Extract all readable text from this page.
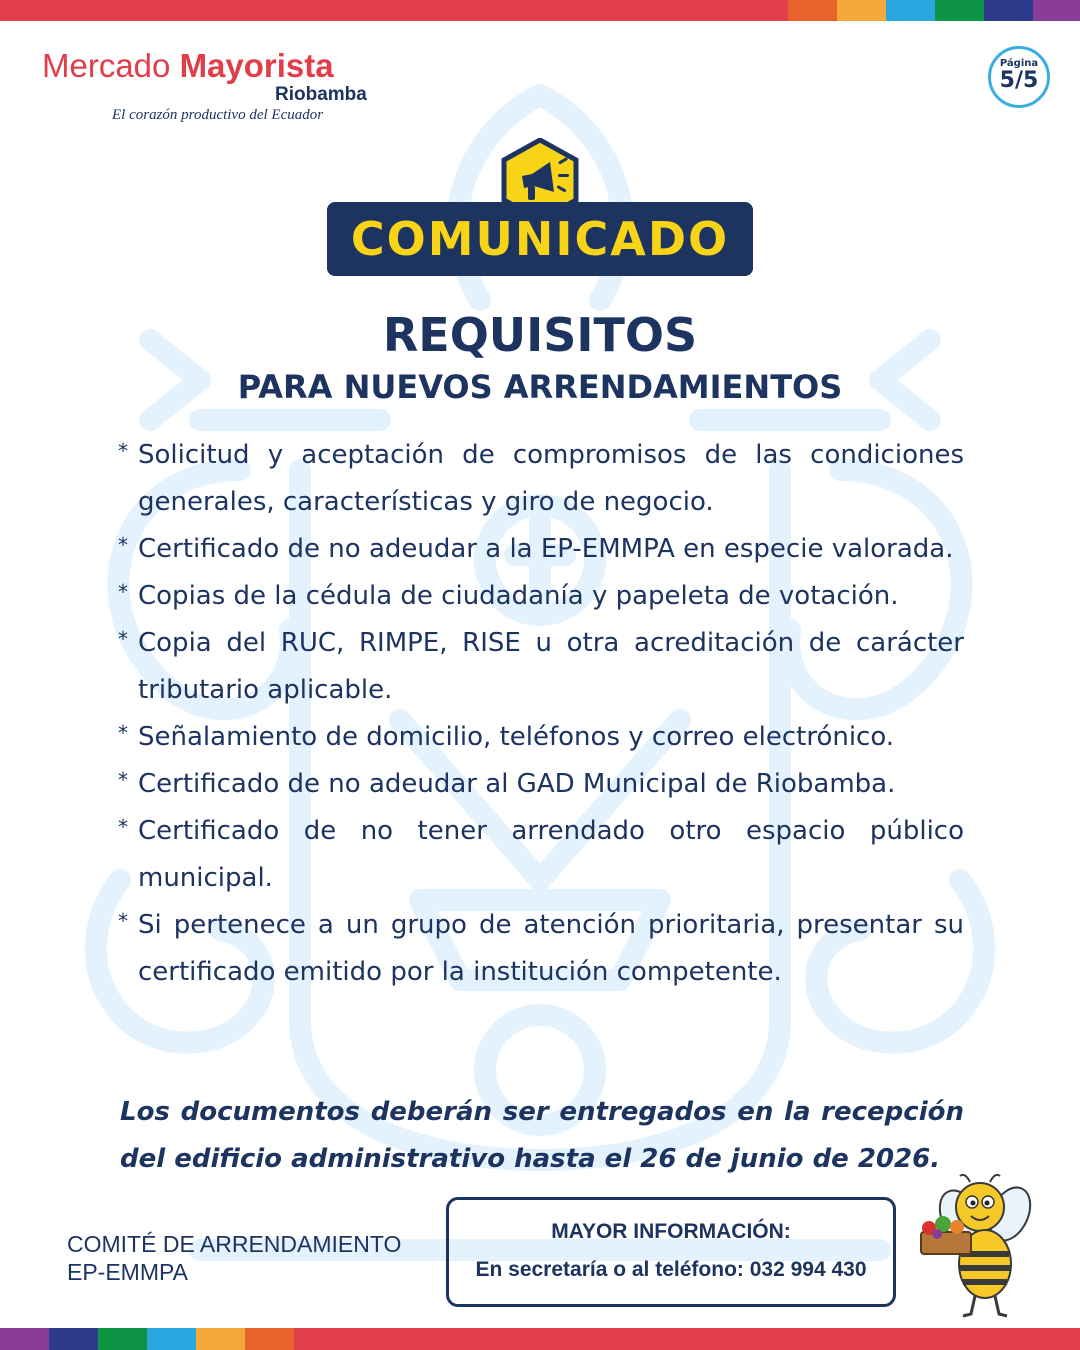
Mercado Mayorista
Riobamba
El corazón productivo del Ecuador
Página
5/5
COMUNICADO
REQUISITOS
PARA NUEVOS ARRENDAMIENTOS
* Solicitud y aceptación de compromisos de las condiciones generales, características y giro de negocio.
* Certificado de no adeudar a la EP-EMMPA en especie valorada.
* Copias de la cédula de ciudadanía y papeleta de votación.
* Copia del RUC, RIMPE, RISE u otra acreditación de carácter tributario aplicable.
* Señalamiento de domicilio, teléfonos y correo electrónico.
* Certificado de no adeudar al GAD Municipal de Riobamba.
* Certificado de no tener arrendado otro espacio público municipal.
* Si pertenece a un grupo de atención prioritaria, presentar su certificado emitido por la institución competente.

Los documentos deberán ser entregados en la recepción del edificio administrativo hasta el 26 de junio de 2026.

COMITÉ DE ARRENDAMIENTO
EP-EMMPA
MAYOR INFORMACIÓN:
En secretaría o al teléfono: 032 994 430
